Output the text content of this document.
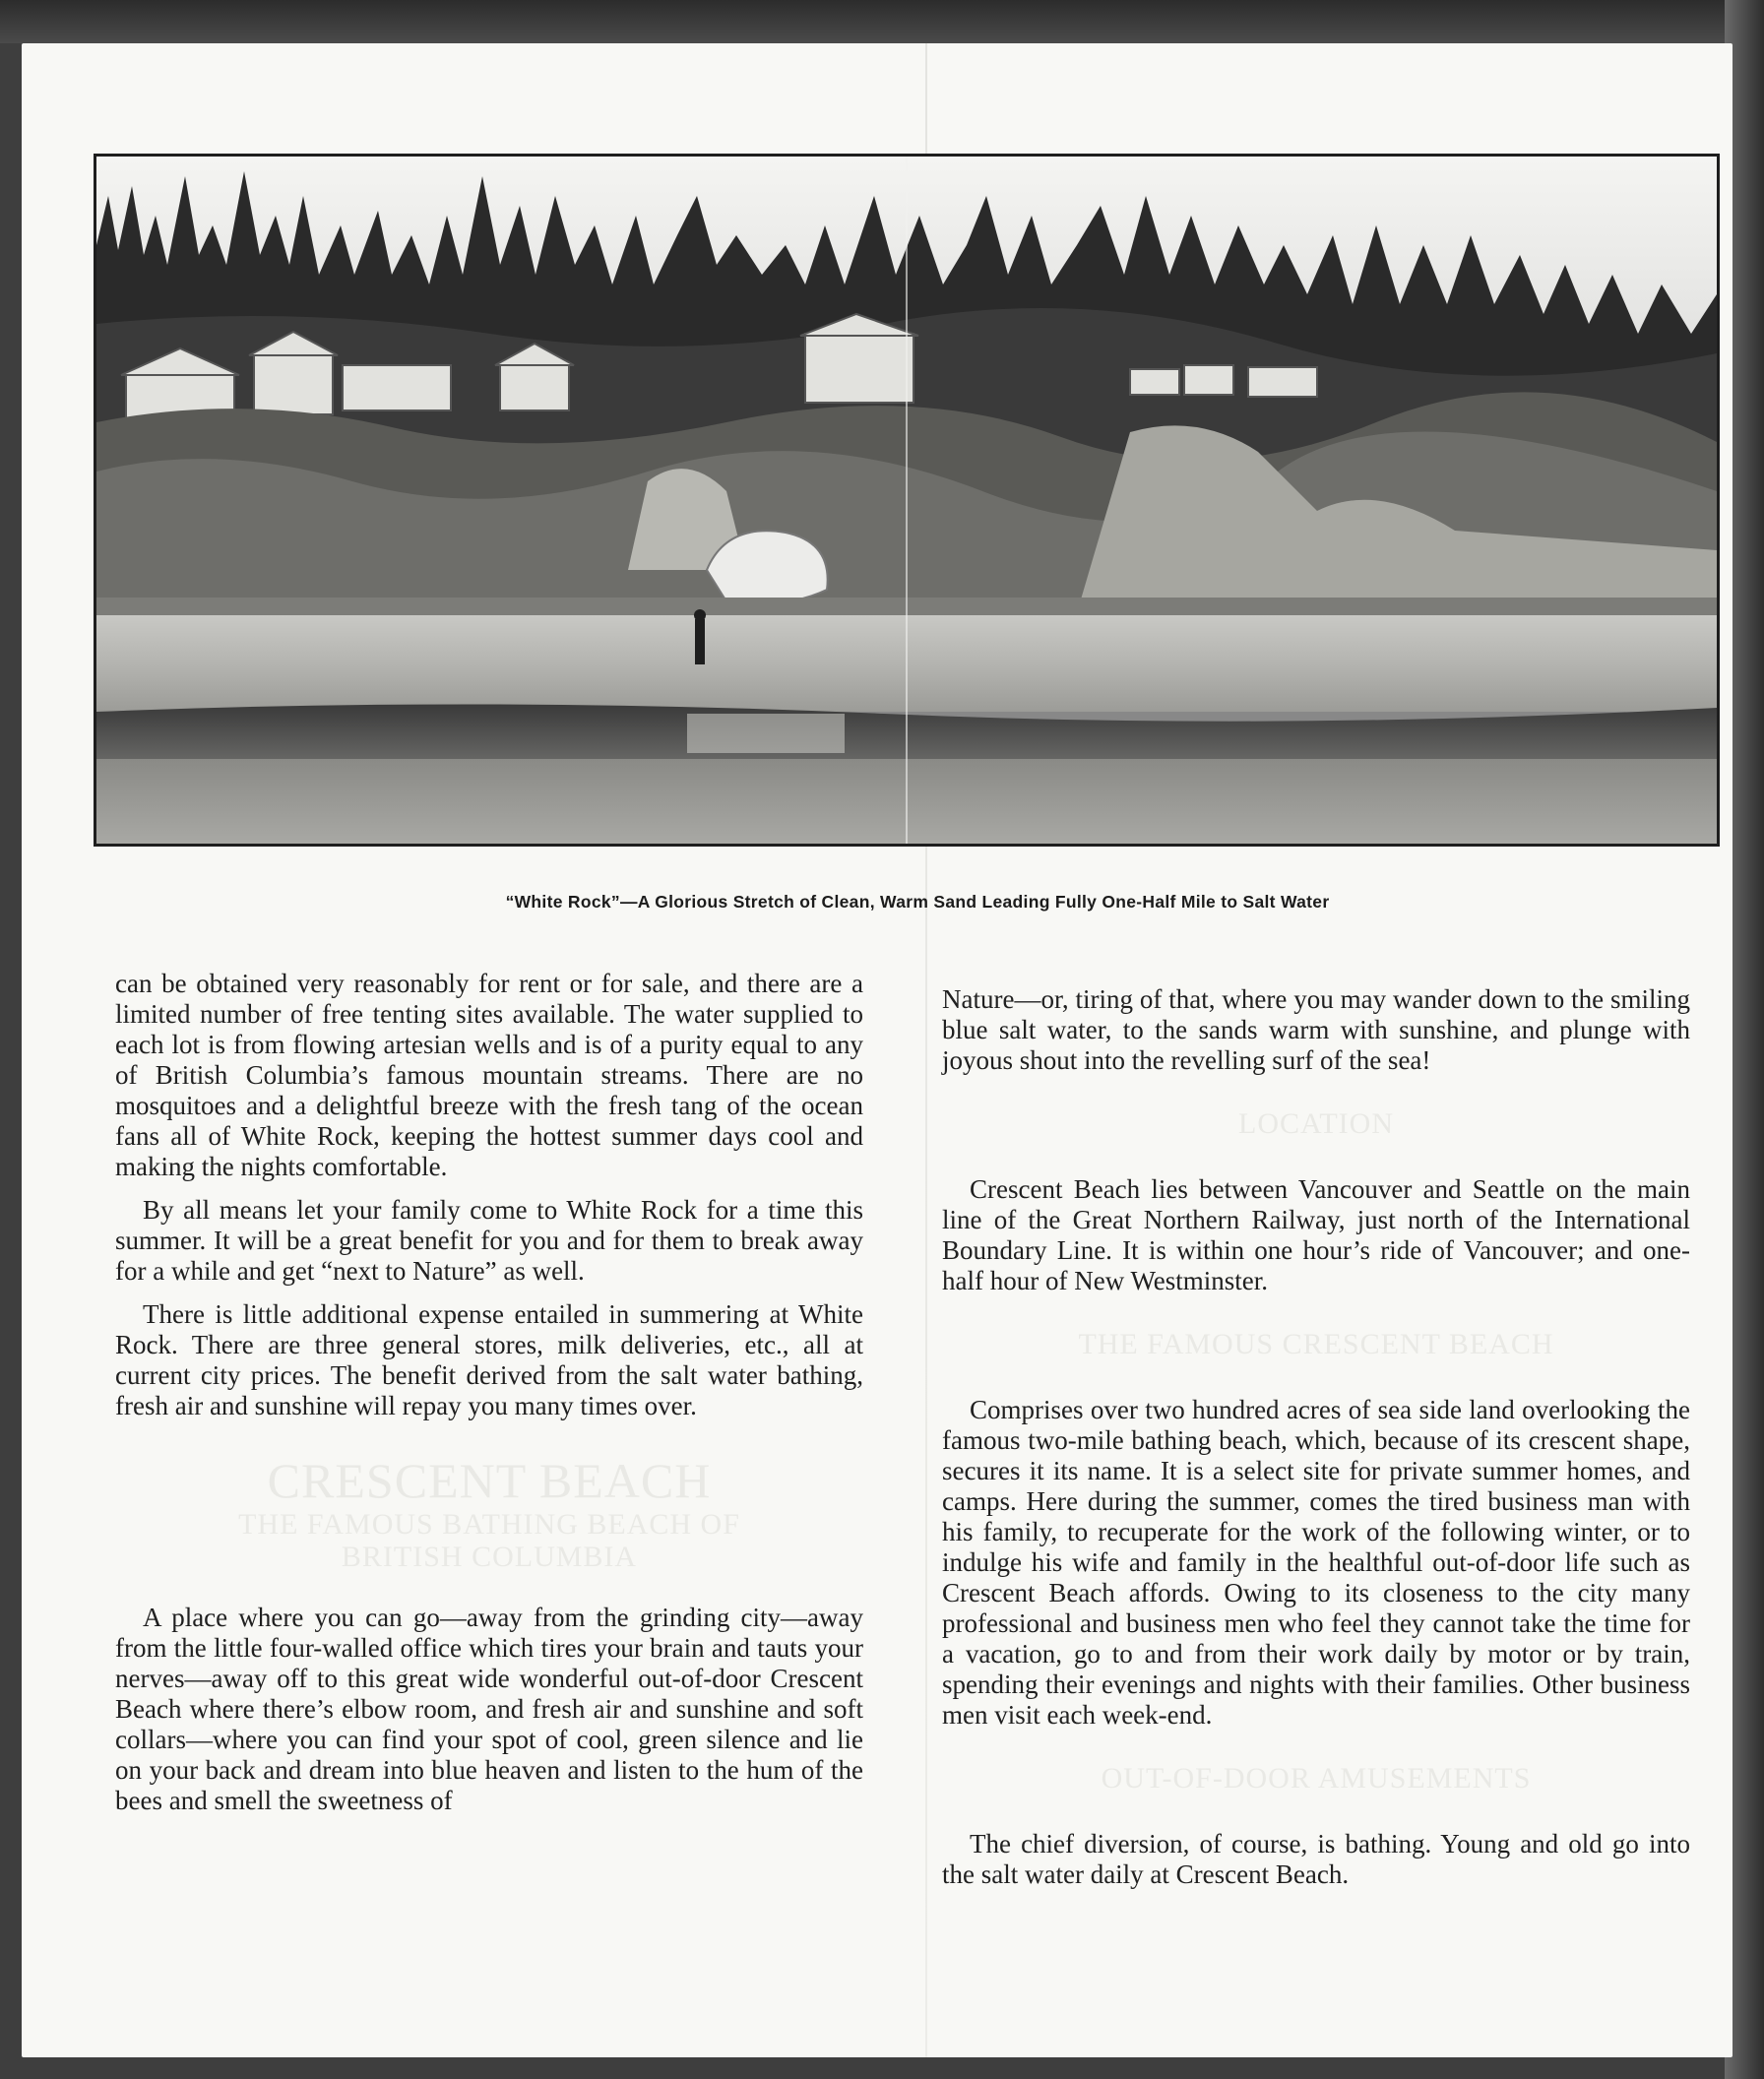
“White Rock”—A Glorious Stretch of Clean, Warm Sand Leading Fully One-Half Mile to Salt Water

can be obtained very reasonably for rent or for sale, and there are a limited number of free tenting sites available. The water supplied to each lot is from flowing artesian wells and is of a purity equal to any of British Columbia’s famous mountain streams. There are no mosquitoes and a delightful breeze with the fresh tang of the ocean fans all of White Rock, keeping the hottest summer days cool and making the nights comfortable.

By all means let your family come to White Rock for a time this summer. It will be a great benefit for you and for them to break away for a while and get “next to Nature” as well.

There is little additional expense entailed in summering at White Rock. There are three general stores, milk deliveries, etc., all at current city prices. The benefit derived from the salt water bathing, fresh air and sunshine will repay you many times over.

CRESCENT BEACH
THE FAMOUS BATHING BEACH OF
BRITISH COLUMBIA

A place where you can go—away from the grinding city—away from the little four-walled office which tires your brain and tauts your nerves—away off to this great wide wonderful out-of-door Crescent Beach where there’s elbow room, and fresh air and sunshine and soft collars—where you can find your spot of cool, green silence and lie on your back and dream into blue heaven and listen to the hum of the bees and smell the sweetness of

Nature—or, tiring of that, where you may wander down to the smiling blue salt water, to the sands warm with sunshine, and plunge with joyous shout into the revelling surf of the sea!

LOCATION

Crescent Beach lies between Vancouver and Seattle on the main line of the Great Northern Railway, just north of the International Boundary Line. It is within one hour’s ride of Vancouver; and one-half hour of New Westminster.

THE FAMOUS CRESCENT BEACH

Comprises over two hundred acres of sea side land overlooking the famous two-mile bathing beach, which, because of its crescent shape, secures it its name. It is a select site for private summer homes, and camps. Here during the summer, comes the tired business man with his family, to recuperate for the work of the following winter, or to indulge his wife and family in the healthful out-of-door life such as Crescent Beach affords. Owing to its closeness to the city many professional and business men who feel they cannot take the time for a vacation, go to and from their work daily by motor or by train, spending their evenings and nights with their families. Other business men visit each week-end.

OUT-OF-DOOR AMUSEMENTS

The chief diversion, of course, is bathing. Young and old go into the salt water daily at Crescent Beach.
